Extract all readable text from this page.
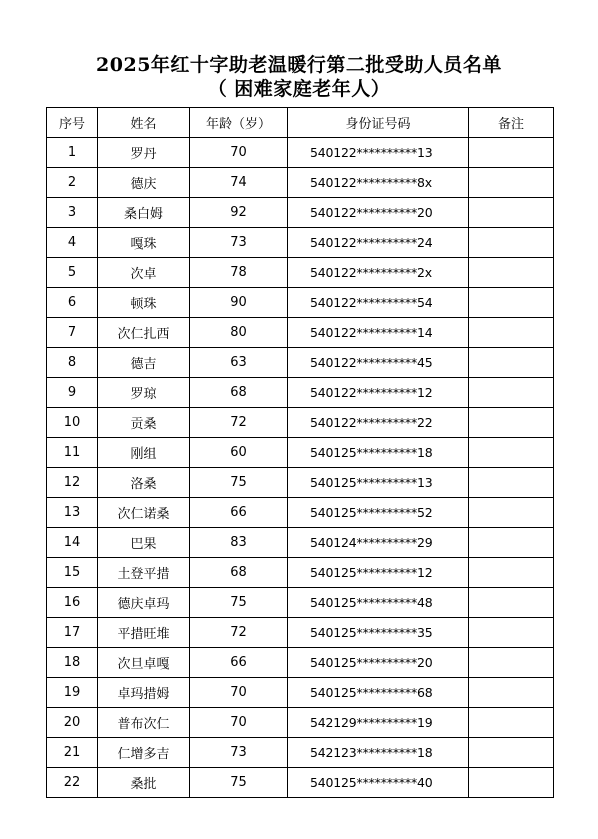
2025年红十字助老温暖行第二批受助人员名单
（ 困难家庭老年人）
序号	姓名	年龄（岁）	身份证号码	备注
1	罗丹	70	540122**********13	
2	德庆	74	540122**********8x	
3	桑白姆	92	540122**********20	
4	嘎珠	73	540122**********24	
5	次卓	78	540122**********2x	
6	顿珠	90	540122**********54	
7	次仁扎西	80	540122**********14	
8	德吉	63	540122**********45	
9	罗琼	68	540122**********12	
10	贡桑	72	540122**********22	
11	刚组	60	540125**********18	
12	洛桑	75	540125**********13	
13	次仁诺桑	66	540125**********52	
14	巴果	83	540124**********29	
15	土登平措	68	540125**********12	
16	德庆卓玛	75	540125**********48	
17	平措旺堆	72	540125**********35	
18	次旦卓嘎	66	540125**********20	
19	卓玛措姆	70	540125**********68	
20	普布次仁	70	542129**********19	
21	仁增多吉	73	542123**********18	
22	桑批	75	540125**********40	
